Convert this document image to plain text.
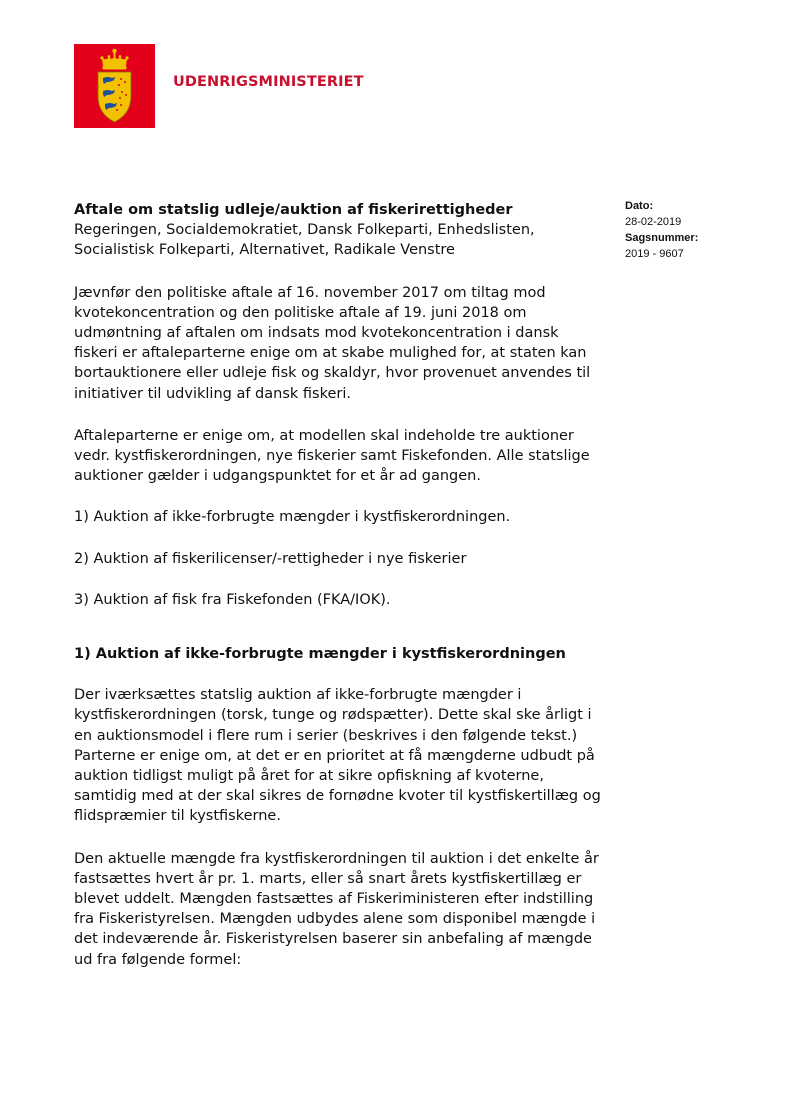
UDENRIGSMINISTERIET
Dato:
28-02-2019
Sagsnummer:
2019 - 9607

Aftale om statslig udleje/auktion af fiskerirettigheder

Regeringen, Socialdemokratiet, Dansk Folkeparti, Enhedslisten, Socialistisk Folkeparti, Alternativet, Radikale Venstre

Jævnfør den politiske aftale af 16. november 2017 om tiltag mod kvotekoncentration og den politiske aftale af 19. juni 2018 om udmøntning af aftalen om indsats mod kvotekoncentration i dansk fiskeri er aftaleparterne enige om at skabe mulighed for, at staten kan bortauktionere eller udleje fisk og skaldyr, hvor provenuet anvendes til initiativer til udvikling af dansk fiskeri.

Aftaleparterne er enige om, at modellen skal indeholde tre auktioner vedr. kystfiskerordningen, nye fiskerier samt Fiskefonden. Alle statslige auktioner gælder i udgangspunktet for et år ad gangen.

1) Auktion af ikke-forbrugte mængder i kystfiskerordningen.

2) Auktion af fiskerilicenser/-rettigheder i nye fiskerier

3) Auktion af fisk fra Fiskefonden (FKA/IOK).

1) Auktion af ikke-forbrugte mængder i kystfiskerordningen

Der iværksættes statslig auktion af ikke-forbrugte mængder i kystfiskerordningen (torsk, tunge og rødspætter). Dette skal ske årligt i en auktionsmodel i flere rum i serier (beskrives i den følgende tekst.) Parterne er enige om, at det er en prioritet at få mængderne udbudt på auktion tidligst muligt på året for at sikre opfiskning af kvoterne, samtidig med at der skal sikres de fornødne kvoter til kystfiskertillæg og flidspræmier til kystfiskerne.

Den aktuelle mængde fra kystfiskerordningen til auktion i det enkelte år fastsættes hvert år pr. 1. marts, eller så snart årets kystfiskertillæg er blevet uddelt. Mængden fastsættes af Fiskeriministeren efter indstilling fra Fiskeristyrelsen. Mængden udbydes alene som disponibel mængde i det indeværende år. Fiskeristyrelsen baserer sin anbefaling af mængde ud fra følgende formel:
